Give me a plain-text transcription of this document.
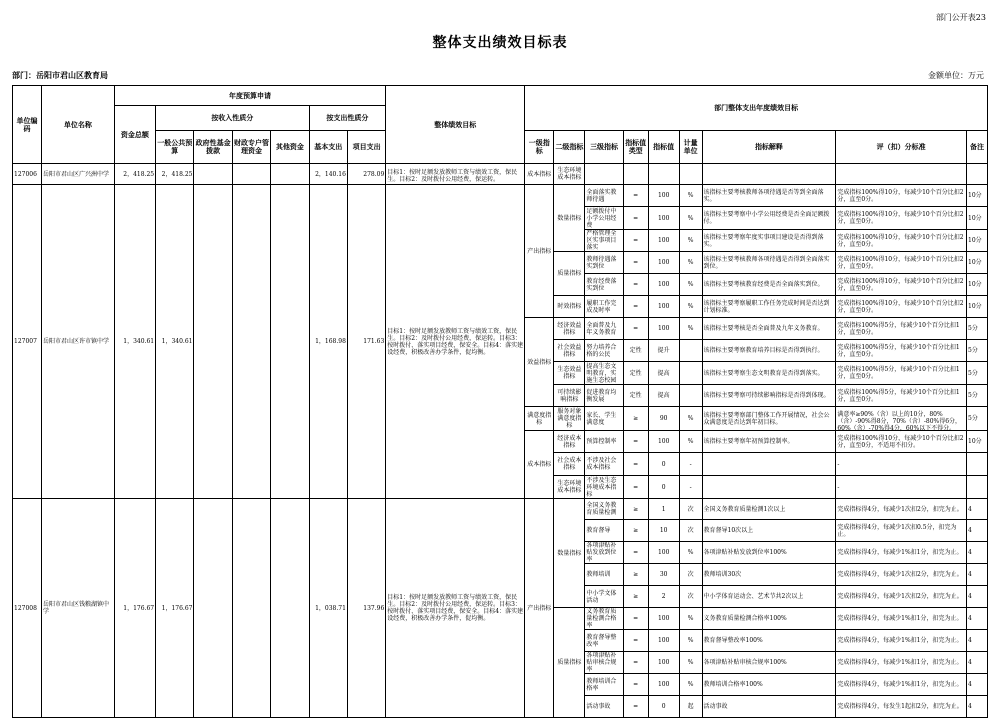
部门公开表23
整体支出绩效目标表
部门：岳阳市君山区教育局	金额单位：万元
单位编码	单位名称	年度预算申请							整体绩效目标	部门整体支出年度绩效目标								
		资金总额	按收入性质分				按支出性质分											
			一般公共预算	政府性基金拨款	财政专户管理资金	其他资金	基本支出	项目支出		一级指标	二级指标	三级指标	指标值类型	指标值	计量单位	指标解释	评（扣）分标准	备注
127006	岳阳市君山区广兴洲中学	2，418.25	2，418.25				2，140.16	278.09	目标1：按时足额发放教师工资与绩效工资，保民生。目标2：及时拨付公用经费，保运转。	成本指标	生态环境成本指标							
127007	岳阳市君山区许市镇中学	1，340.61	1，340.61				1，168.98	171.63	目标1：按时足额发放教师工资与绩效工资，保民生。目标2：及时拨付公用经费，保运转。目标3：按时拨付、落实项目经费，保安全。目标4：落实建设经费，积极改善办学条件，促均衡。	产出指标	数量指标	全面落实教师待遇	=	100	%	该指标主要考核教师各项待遇是否等到全面落实。	完成指标100%得10分，每减少10个百分比扣2分，直至0分。	10分
												足额拨付中小学公用经费	=	100	%	该指标主要考察中小学公用经费是否全面足额拨付。	完成指标100%得10分，每减少10个百分比扣2分，直至0分。	10分
												严格管理全区实事项目落实	=	100	%	该指标主要考察年度实事项目建设是否得到落实。	完成指标100%得10分，每减少10个百分比扣2分，直至0分。	10分
											质量指标	教师待遇落实到位	=	100	%	该指标主要考核教师各项待遇是否得到全面落实到位。	完成指标100%得10分，每减少10个百分比扣2分，直至0分。	10分
												教育经费落实到位	=	100	%	该指标主要考核教育经费是否全面落实到位。	完成指标100%得10分，每减少10个百分比扣2分，直至0分。	10分
											时效指标	履职工作完成及时率	=	100	%	该指标主要考察履职工作任务完成时间是否达到计划标准。	完成指标100%得10分，每减少10个百分比扣2分，直至0分。	10分
										效益指标	经济效益指标	全面普及九年义务教育	=	100	%	该指标主要考核是否全面普及九年义务教育。	完成指标100%得5分，每减少10个百分比扣1分，直至0分。	5分
											社会效益指标	努力培养合格的公民	定性	提升		该指标主要考察教育培养目标是否得到执行。	完成指标100%得5分，每减少10个百分比扣1分，直至0分。	5分
											生态效益指标	提高生态文明教育，实施生态校园	定性	提高		该指标主要考察生态文明教育是否得到落实。	完成指标100%得5分，每减少10个百分比扣1分，直至0分。	5分
											可持续影响指标	促进教育均衡发展	定性	提高		该指标主要考察可持续影响指标是否得到体现。	完成指标100%得5分，每减少10个百分比扣1分，直至0分。	5分
										满意度指标	服务对象满意度指标	家长、学生满意度	≥	90	%	该指标主要考察部门整体工作开展情况，社会公众满意度是否达到年初目标。	满意率≥90%（含）以上的10分，80%（含）-90%得8分，70%（含）-80%得6分，60%（含）-70%得4分，60%以下不得分。	5分
										成本指标	经济成本指标	预算控制率	=	100	%	该指标主要考察年初预算控制率。	完成指标100%得10分，每减少10个百分比扣2分，直至0分，不适用不扣分。	10分
											社会成本指标	不涉及社会成本指标	=	0	-		-	
											生态环境成本指标	不涉及生态环境成本指标	=	0	-		-	
127008	岳阳市君山区钱粮湖镇中学	1，176.67	1，176.67				1，038.71	137.96	目标1：按时足额发放教师工资与绩效工资，保民生。目标2：及时拨付公用经费，保运转。目标3：按时拨付、落实项目经费，保安全。目标4：落实建设经费，积极改善办学条件，促均衡。	产出指标	数量指标	全国义务教育质量检测	≥	1	次	全国义务教育质量检测1次以上	完成指标得4分，每减少1次扣2分，扣完为止。	4
												教育督导	≥	10	次	教育督导10次以上	完成指标得4分，每减少1次扣0.5分，扣完为止。	4
												各项津贴补贴发放到位率	=	100	%	各项津贴补贴发放到位率100%	完成指标得4分，每减少1%扣1分，扣完为止。	4
												教师培训	≥	30	次	教师培训30次	完成指标得4分，每减少1次扣2分，扣完为止。	4
												中小学文体活动	≥	2	次	中小学体育运动会、艺术节共2次以上	完成指标得4分，每减少1次扣2分，扣完为止。	4
											质量指标	义务教育质量检测合格率	=	100	%	义务教育质量检测合格率100%	完成指标得4分，每减少1%扣1分，扣完为止。	4
												教育督导整改率	=	100	%	教育督导整改率100%	完成指标得4分，每减少1%扣1分，扣完为止。	4
												各项津贴补贴审核合规率	=	100	%	各项津贴补贴审核合规率100%	完成指标得4分，每减少1%扣1分，扣完为止。	4
												教师培训合格率	=	100	%	教师培训合格率100%	完成指标得4分，每减少1%扣1分，扣完为止。	4
												活动事故	=	0	起	活动事故	完成指标得4分，每发生1起扣2分，扣完为止。	4
